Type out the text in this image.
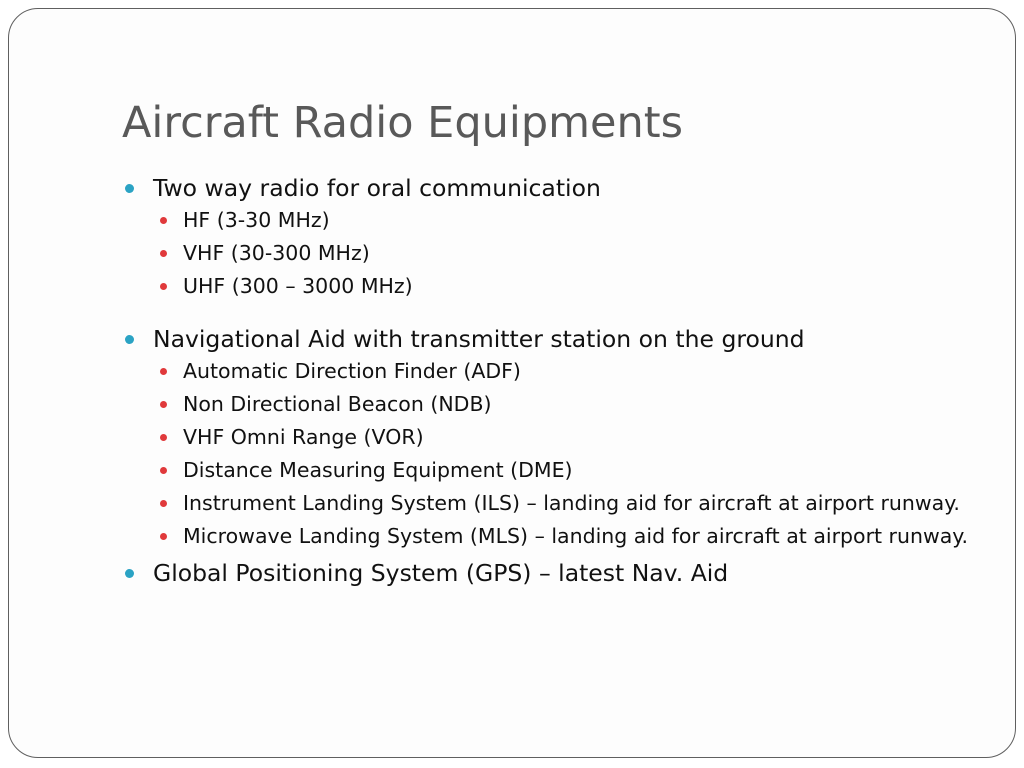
Aircraft Radio Equipments
Two way radio for oral communication
HF (3-30 MHz)
VHF (30-300 MHz)
UHF (300 – 3000 MHz)
Navigational Aid with transmitter station on the ground
Automatic Direction Finder (ADF)
Non Directional Beacon (NDB)
VHF Omni Range (VOR)
Distance Measuring Equipment (DME)
Instrument Landing System (ILS) – landing aid for aircraft at airport runway.
Microwave Landing System (MLS) – landing aid for aircraft at airport runway.
Global Positioning System (GPS) – latest Nav. Aid
